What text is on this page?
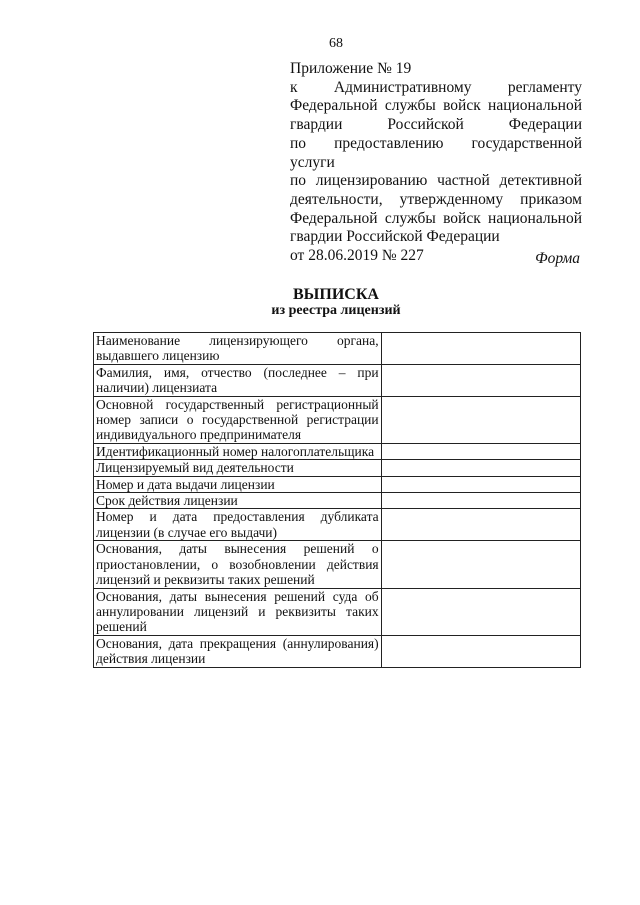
68
Приложение № 19
к Административному регламенту
Федеральной службы войск национальной
гвардии Российской Федерации
по предоставлению государственной услуги
по лицензированию частной детективной
деятельности, утвержденному приказом
Федеральной службы войск национальной
гвардии Российской Федерации
от 28.06.2019 № 227	Форма
ВЫПИСКА
из реестра лицензий
Наименование лицензирующего органа, выдавшего лицензию	
Фамилия, имя, отчество (последнее – при наличии) лицензиата	
Основной государственный регистрационный номер записи о государственной регистрации индивидуального предпринимателя	
Идентификационный номер налогоплательщика	
Лицензируемый вид деятельности	
Номер и дата выдачи лицензии	
Срок действия лицензии	
Номер и дата предоставления дубликата лицензии (в случае его выдачи)	
Основания, даты вынесения решений о приостановлении, о возобновлении действия лицензий и реквизиты таких решений	
Основания, даты вынесения решений суда об аннулировании лицензий и реквизиты таких решений	
Основания, дата прекращения (аннулирования) действия лицензии	
